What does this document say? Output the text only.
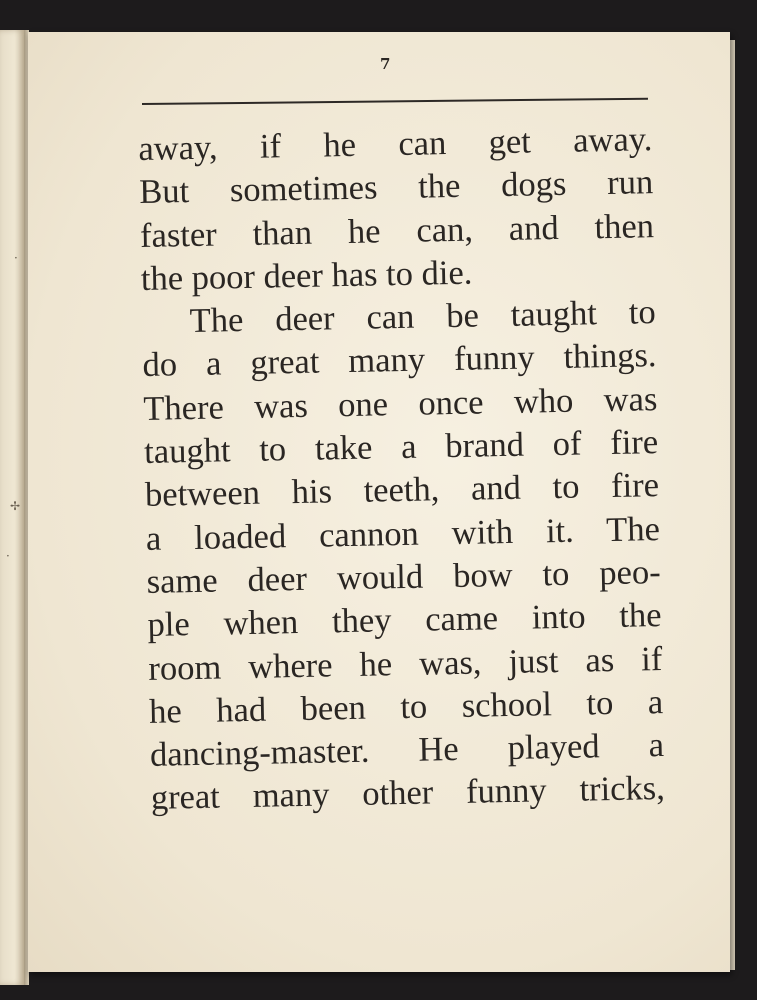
·
✢
·
7
away, if he can get away.
But sometimes the dogs run
faster than he can, and then
the poor deer has to die.
The deer can be taught to
do a great many funny things.
There was one once who was
taught to take a brand of fire
between his teeth, and to fire
a loaded cannon with it. The
same deer would bow to peo-
ple when they came into the
room where he was, just as if
he had been to school to a
dancing-master. He played a
great many other funny tricks,
